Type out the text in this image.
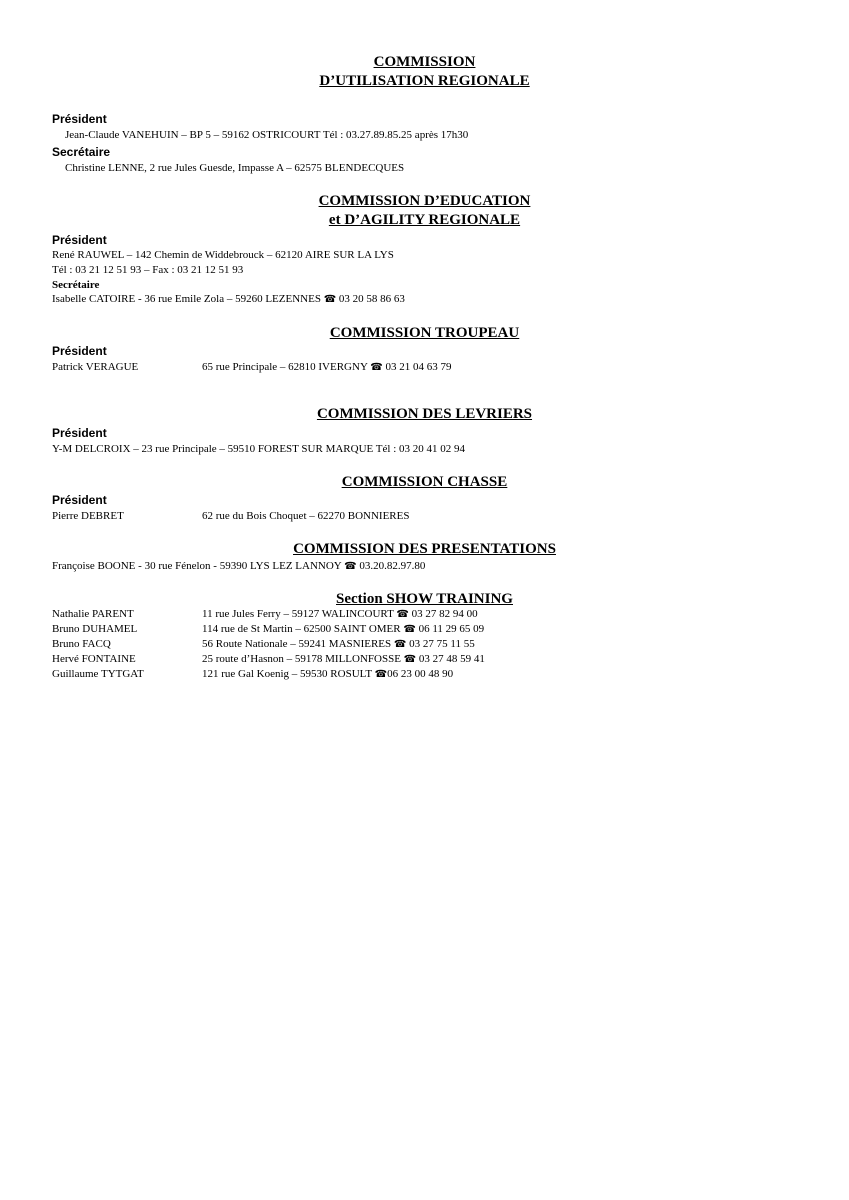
COMMISSION
D’UTILISATION REGIONALE
Président
Jean-Claude VANEHUIN – BP 5 – 59162 OSTRICOURT Tél : 03.27.89.85.25 après 17h30
Secrétaire
Christine LENNE, 2 rue Jules Guesde, Impasse A – 62575 BLENDECQUES
COMMISSION D’EDUCATION
et D’AGILITY REGIONALE
Président
René RAUWEL – 142 Chemin de Widdebrouck – 62120 AIRE SUR LA LYS
Tél : 03 21 12 51 93 – Fax : 03 21 12 51 93
Secrétaire
Isabelle CATOIRE - 36 rue Emile Zola – 59260 LEZENNES ☎ 03 20 58 86 63
COMMISSION TROUPEAU
Président
Patrick VERAGUE	65 rue Principale – 62810 IVERGNY ☎ 03 21 04 63 79
COMMISSION DES LEVRIERS
Président
Y-M DELCROIX – 23 rue Principale – 59510 FOREST SUR MARQUE Tél : 03 20 41 02 94
COMMISSION CHASSE
Président
Pierre DEBRET	62 rue du Bois Choquet – 62270 BONNIERES
COMMISSION DES PRESENTATIONS
Françoise BOONE - 30 rue Fénelon - 59390 LYS LEZ LANNOY ☎ 03.20.82.97.80
Section SHOW TRAINING
Nathalie PARENT	11 rue Jules Ferry – 59127 WALINCOURT ☎ 03 27 82 94 00
Bruno DUHAMEL	114 rue de St Martin – 62500 SAINT OMER ☎ 06 11 29 65 09
Bruno FACQ	56 Route Nationale – 59241 MASNIERES ☎ 03 27 75 11 55
Hervé FONTAINE	25 route d’Hasnon – 59178 MILLONFOSSE ☎ 03 27 48 59 41
Guillaume TYTGAT	121 rue Gal Koenig – 59530 ROSULT ☎06 23 00 48 90
